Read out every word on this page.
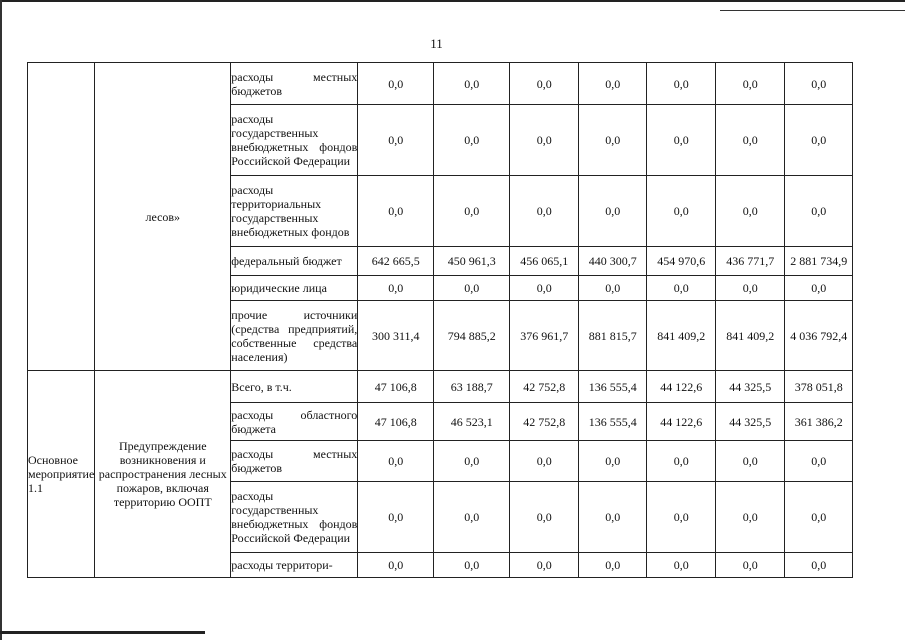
11
	лесов»	расходы местных бюджетов	0,0	0,0	0,0	0,0	0,0	0,0	0,0
		расходы государственных внебюджетных фондов Российской Федерации	0,0	0,0	0,0	0,0	0,0	0,0	0,0
		расходы территориальных государственных внебюджетных фондов	0,0	0,0	0,0	0,0	0,0	0,0	0,0
		федеральный бюджет	642 665,5	450 961,3	456 065,1	440 300,7	454 970,6	436 771,7	2 881 734,9
		юридические лица	0,0	0,0	0,0	0,0	0,0	0,0	0,0
		прочие источники (средства предприятий, собственные средства населения)	300 311,4	794 885,2	376 961,7	881 815,7	841 409,2	841 409,2	4 036 792,4
Основное мероприятие 1.1	Предупреждение возникновения и распространения лесных пожаров, включая территорию ООПТ	Всего, в т.ч.	47 106,8	63 188,7	42 752,8	136 555,4	44 122,6	44 325,5	378 051,8
		расходы областного бюджета	47 106,8	46 523,1	42 752,8	136 555,4	44 122,6	44 325,5	361 386,2
		расходы местных бюджетов	0,0	0,0	0,0	0,0	0,0	0,0	0,0
		расходы государственных внебюджетных фондов Российской Федерации	0,0	0,0	0,0	0,0	0,0	0,0	0,0
		расходы территори-	0,0	0,0	0,0	0,0	0,0	0,0	0,0
